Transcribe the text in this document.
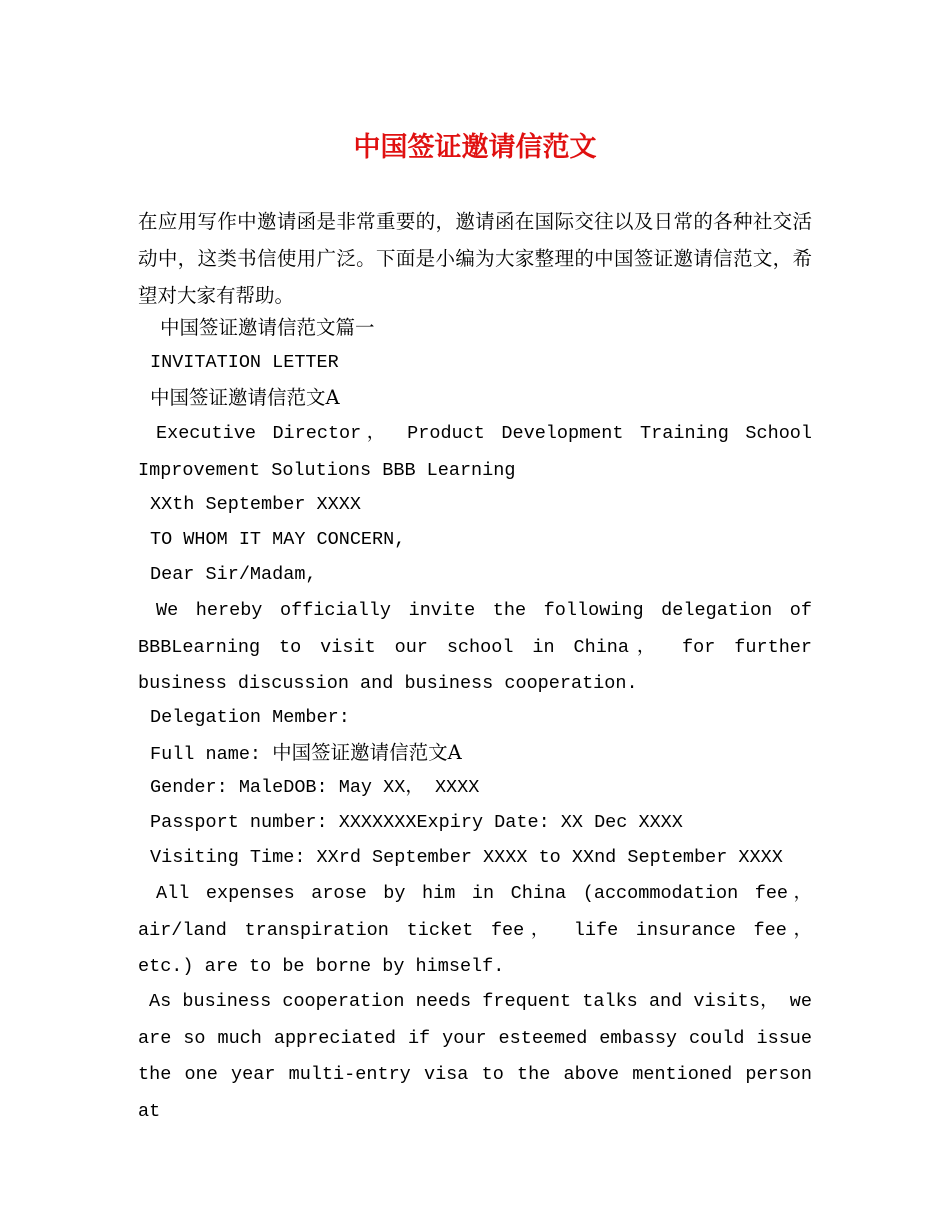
中国签证邀请信范文

在应用写作中邀请函是非常重要的，邀请函在国际交往以及日常的各种社交活动中，这类书信使用广泛。下面是小编为大家整理的中国签证邀请信范文，希望对大家有帮助。

中国签证邀请信范文篇一
INVITATION LETTER
中国签证邀请信范文A

Executive Director， Product Development Training School Improvement Solutions BBB Learning

XXth September XXXX
TO WHOM IT MAY CONCERN,
Dear Sir/Madam,

We hereby officially invite the following delegation of BBBLearning to visit our school in China， for further business discussion and business cooperation.

Delegation Member:
Full name: 中国签证邀请信范文A
Gender: MaleDOB: May XX， XXXX
Passport number: XXXXXXXExpiry Date: XX Dec XXXX
Visiting Time: XXrd September XXXX to XXnd September XXXX

All expenses arose by him in China (accommodation fee，air/land transpiration ticket fee， life insurance fee， etc.) are to be borne by himself.

As business cooperation needs frequent talks and visits， we are so much appreciated if your esteemed embassy could issue the one year multi-entry visa to the above mentioned person at
